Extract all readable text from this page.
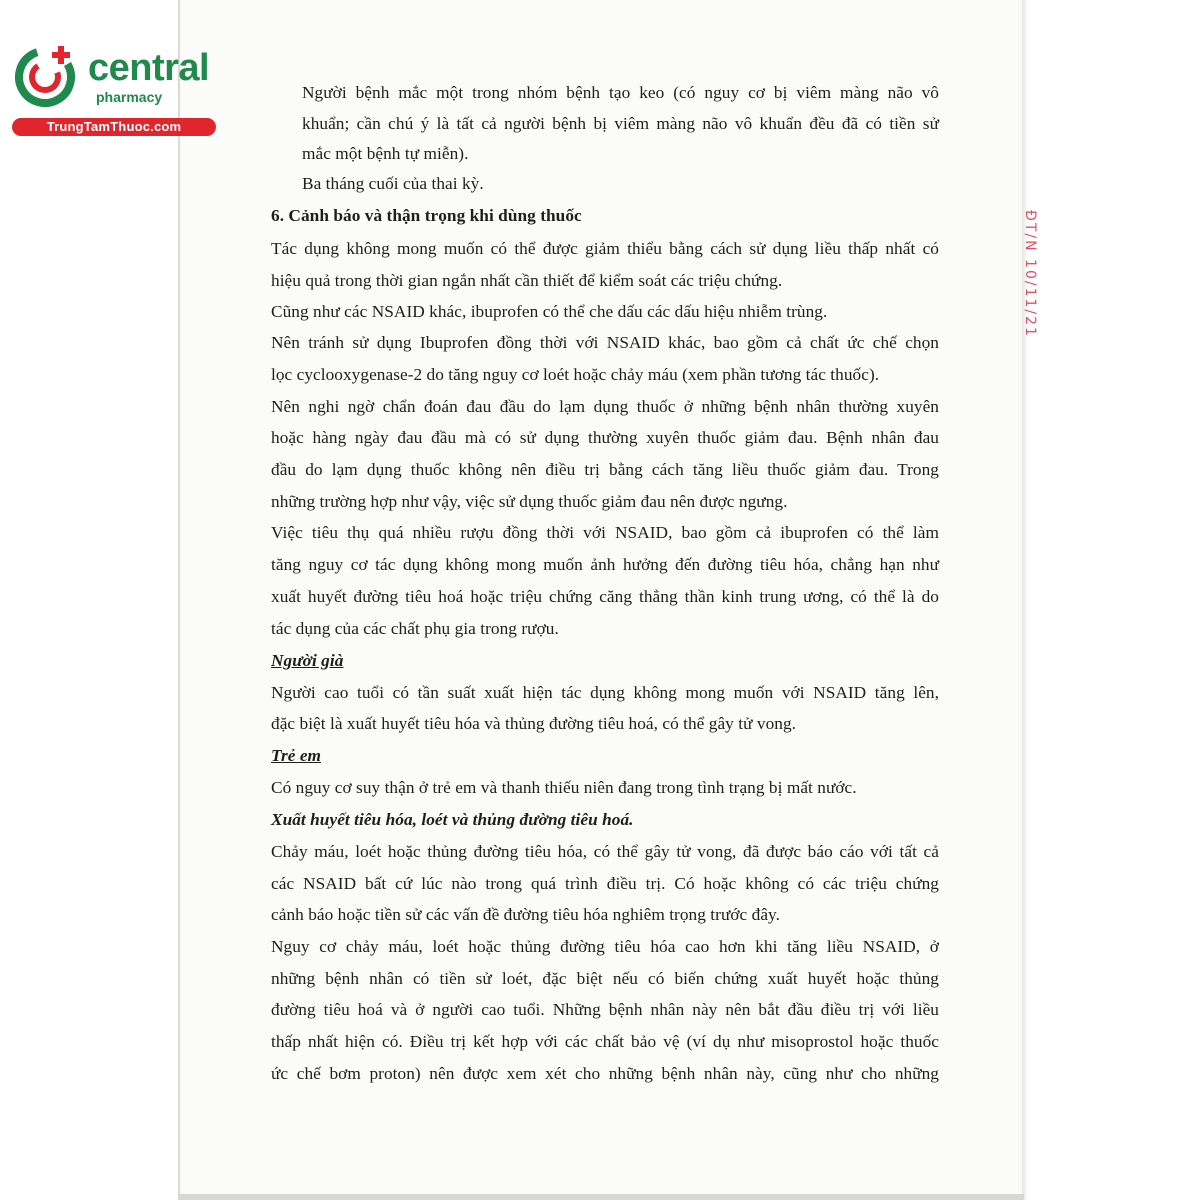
central
pharmacy
TrungTamThuoc.com
ĐT/N 10/11/21
Người bệnh mắc một trong nhóm bệnh tạo keo (có nguy cơ bị viêm màng não vô
khuẩn; cần chú ý là tất cả người bệnh bị viêm màng não vô khuẩn đều đã có tiền sử
mắc một bệnh tự miễn).
Ba tháng cuối của thai kỳ.
6. Cảnh báo và thận trọng khi dùng thuốc
Tác dụng không mong muốn có thể được giảm thiểu bằng cách sử dụng liều thấp nhất có
hiệu quả trong thời gian ngắn nhất cần thiết để kiểm soát các triệu chứng.
Cũng như các NSAID khác, ibuprofen có thể che dấu các dấu hiệu nhiễm trùng.
Nên tránh sử dụng Ibuprofen đồng thời với NSAID khác, bao gồm cả chất ức chế chọn
lọc cyclooxygenase-2 do tăng nguy cơ loét hoặc chảy máu (xem phần tương tác thuốc).
Nên nghi ngờ chẩn đoán đau đầu do lạm dụng thuốc ở những bệnh nhân thường xuyên
hoặc hàng ngày đau đầu mà có sử dụng thường xuyên thuốc giảm đau. Bệnh nhân đau
đầu do lạm dụng thuốc không nên điều trị bằng cách tăng liều thuốc giảm đau. Trong
những trường hợp như vậy, việc sử dụng thuốc giảm đau nên được ngưng.
Việc tiêu thụ quá nhiều rượu đồng thời với NSAID, bao gồm cả ibuprofen có thể làm
tăng nguy cơ tác dụng không mong muốn ảnh hưởng đến đường tiêu hóa, chẳng hạn như
xuất huyết đường tiêu hoá hoặc triệu chứng căng thẳng thần kinh trung ương, có thể là do
tác dụng của các chất phụ gia trong rượu.
Người già
Người cao tuổi có tần suất xuất hiện tác dụng không mong muốn với NSAID tăng lên,
đặc biệt là xuất huyết tiêu hóa và thủng đường tiêu hoá, có thể gây tử vong.
Trẻ em
Có nguy cơ suy thận ở trẻ em và thanh thiếu niên đang trong tình trạng bị mất nước.
Xuất huyết tiêu hóa, loét và thủng đường tiêu hoá.
Chảy máu, loét hoặc thủng đường tiêu hóa, có thể gây tử vong, đã được báo cáo với tất cả
các NSAID bất cứ lúc nào trong quá trình điều trị. Có hoặc không có các triệu chứng
cảnh báo hoặc tiền sử các vấn đề đường tiêu hóa nghiêm trọng trước đây.
Nguy cơ chảy máu, loét hoặc thủng đường tiêu hóa cao hơn khi tăng liều NSAID, ở
những bệnh nhân có tiền sử loét, đặc biệt nếu có biến chứng xuất huyết hoặc thủng
đường tiêu hoá và ở người cao tuổi. Những bệnh nhân này nên bắt đầu điều trị với liều
thấp nhất hiện có. Điều trị kết hợp với các chất bảo vệ (ví dụ như misoprostol hoặc thuốc
ức chế bơm proton) nên được xem xét cho những bệnh nhân này, cũng như cho những
